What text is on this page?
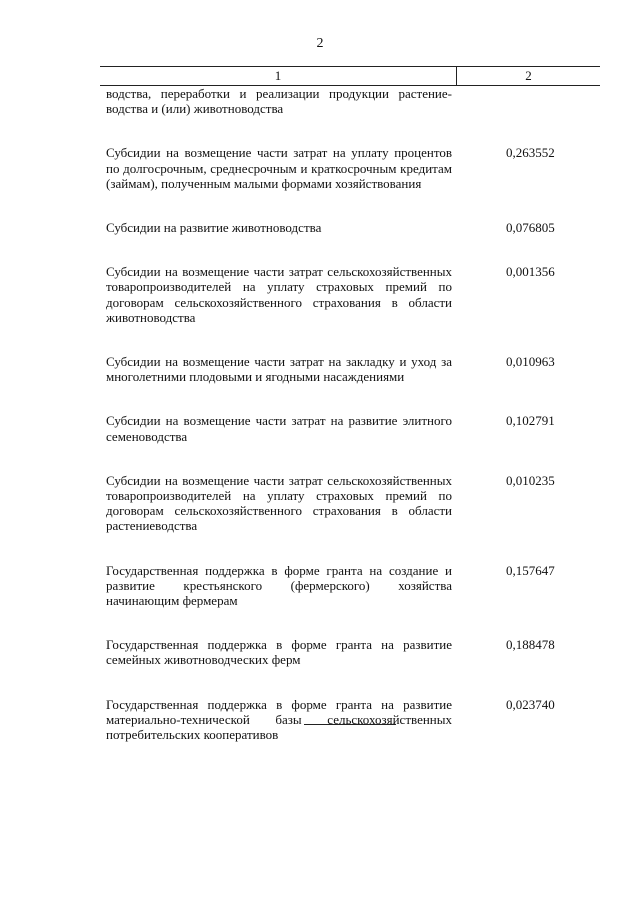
2
1	2
водства, переработки и реализации продукции растение-водства и (или) животноводства
Субсидии на возмещение части затрат на уплату процентов по долгосрочным, среднесрочным и краткосрочным кредитам (займам), полученным малыми формами хозяйствования
0,263552
Субсидии на развитие животноводства	0,076805
Субсидии на возмещение части затрат сельскохозяйственных товаропроизводителей на уплату страховых премий по договорам сельскохозяйственного страхования в области животноводства
0,001356
Субсидии на возмещение части затрат на закладку и уход за многолетними плодовыми и ягодными насаждениями
0,010963
Субсидии на возмещение части затрат на развитие элитного семеноводства
0,102791
Субсидии на возмещение части затрат сельскохозяйственных товаропроизводителей на уплату страховых премий по договорам сельскохозяйственного страхования в области растениеводства
0,010235
Государственная поддержка в форме гранта на создание и развитие крестьянского (фермерского) хозяйства начинающим фермерам
0,157647
Государственная поддержка в форме гранта на развитие семейных животноводческих ферм
0,188478
Государственная поддержка в форме гранта на развитие материально-технической базы сельскохозяйственных потребительских кооперативов
0,023740
